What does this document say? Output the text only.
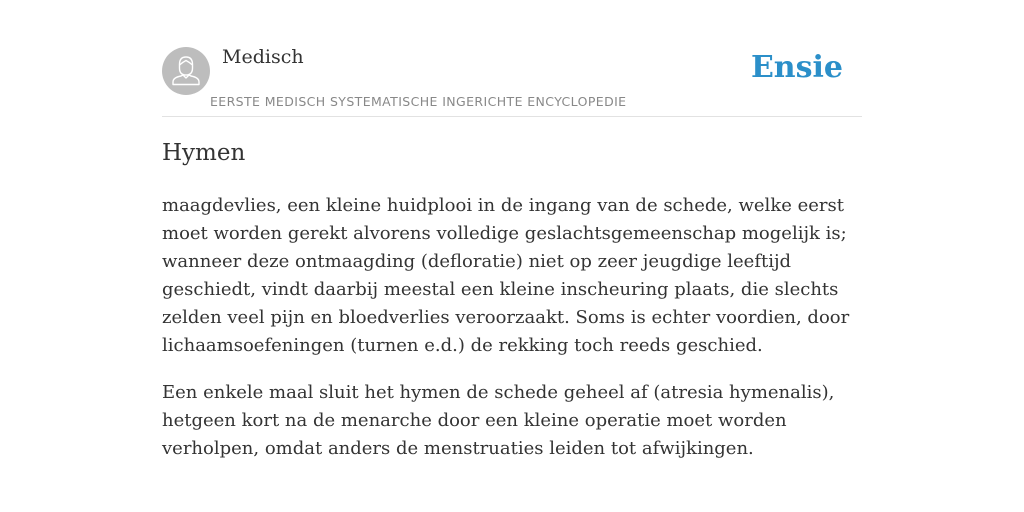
Medisch
EERSTE MEDISCH SYSTEMATISCHE INGERICHTE ENCYCLOPEDIE
Ensie
Hymen

maagdevlies, een kleine huidplooi in de ingang van de schede, welke eerst moet worden gerekt alvorens volledige geslachtsgemeenschap mogelijk is; wanneer deze ontmaagding (defloratie) niet op zeer jeugdige leeftijd geschiedt, vindt daarbij meestal een kleine inscheuring plaats, die slechts zelden veel pijn en bloedverlies veroorzaakt. Soms is echter voordien, door lichaamsoefeningen (turnen e.d.) de rekking toch reeds geschied.

Een enkele maal sluit het hymen de schede geheel af (atresia hymenalis), hetgeen kort na de menarche door een kleine operatie moet worden verholpen, omdat anders de menstruaties leiden tot afwijkingen.
